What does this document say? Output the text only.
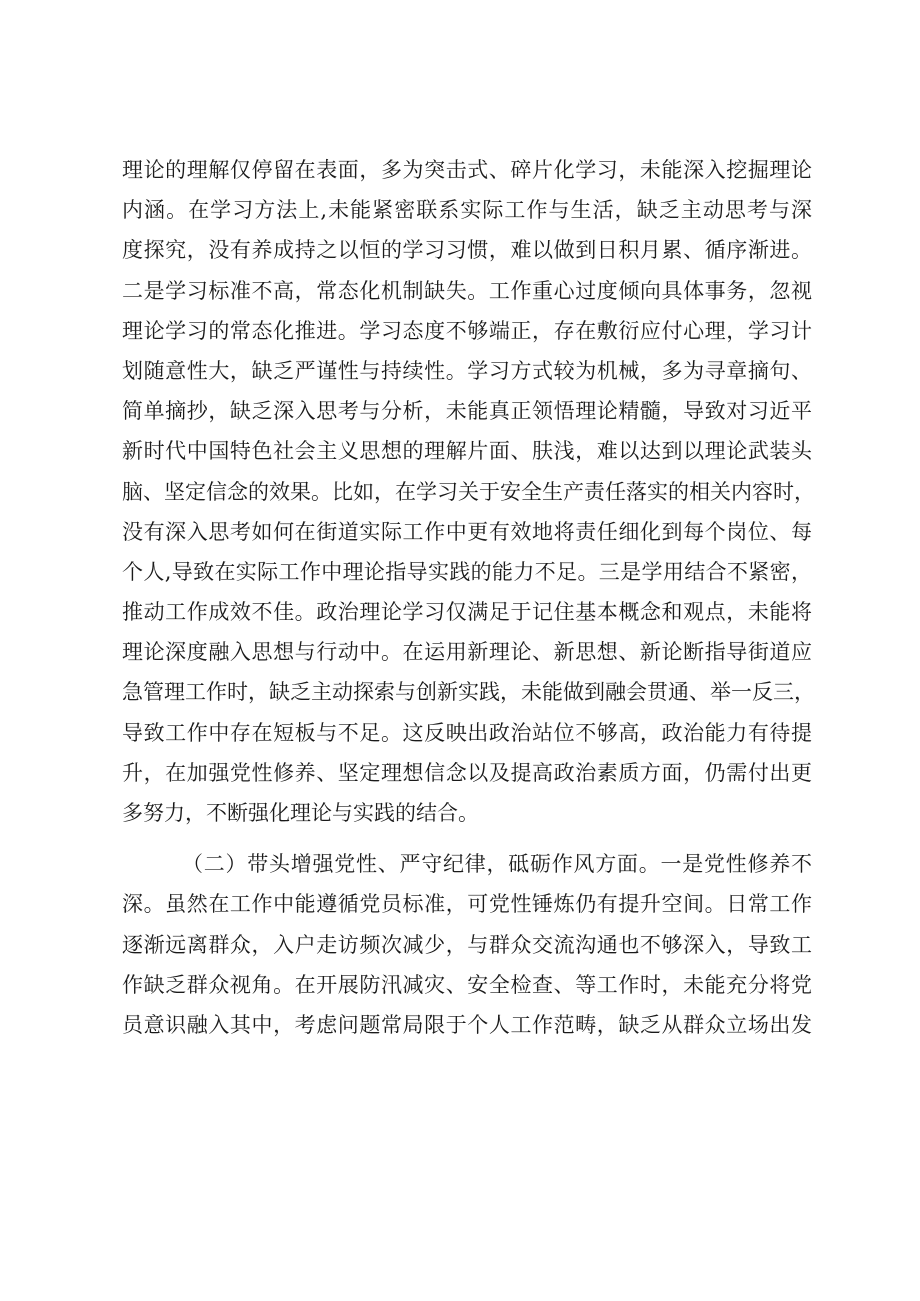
理论的理解仅停留在表面，多为突击式、碎片化学习，未能深入挖掘理论
内涵。在学习方法上,未能紧密联系实际工作与生活，缺乏主动思考与深
度探究，没有养成持之以恒的学习习惯，难以做到日积月累、循序渐进。
二是学习标准不高，常态化机制缺失。工作重心过度倾向具体事务，忽视
理论学习的常态化推进。学习态度不够端正，存在敷衍应付心理，学习计
划随意性大，缺乏严谨性与持续性。学习方式较为机械，多为寻章摘句、
简单摘抄，缺乏深入思考与分析，未能真正领悟理论精髓，导致对习近平
新时代中国特色社会主义思想的理解片面、肤浅，难以达到以理论武装头
脑、坚定信念的效果。比如，在学习关于安全生产责任落实的相关内容时，
没有深入思考如何在街道实际工作中更有效地将责任细化到每个岗位、每
个人,导致在实际工作中理论指导实践的能力不足。三是学用结合不紧密，
推动工作成效不佳。政治理论学习仅满足于记住基本概念和观点，未能将
理论深度融入思想与行动中。在运用新理论、新思想、新论断指导街道应
急管理工作时，缺乏主动探索与创新实践，未能做到融会贯通、举一反三，
导致工作中存在短板与不足。这反映出政治站位不够高，政治能力有待提
升，在加强党性修养、坚定理想信念以及提高政治素质方面，仍需付出更
多努力，不断强化理论与实践的结合。
（二）带头增强党性、严守纪律，砥砺作风方面。一是党性修养不
深。虽然在工作中能遵循党员标准，可党性锤炼仍有提升空间。日常工作
逐渐远离群众，入户走访频次减少，与群众交流沟通也不够深入，导致工
作缺乏群众视角。在开展防汛减灾、安全检查、等工作时，未能充分将党
员意识融入其中，考虑问题常局限于个人工作范畴，缺乏从群众立场出发
